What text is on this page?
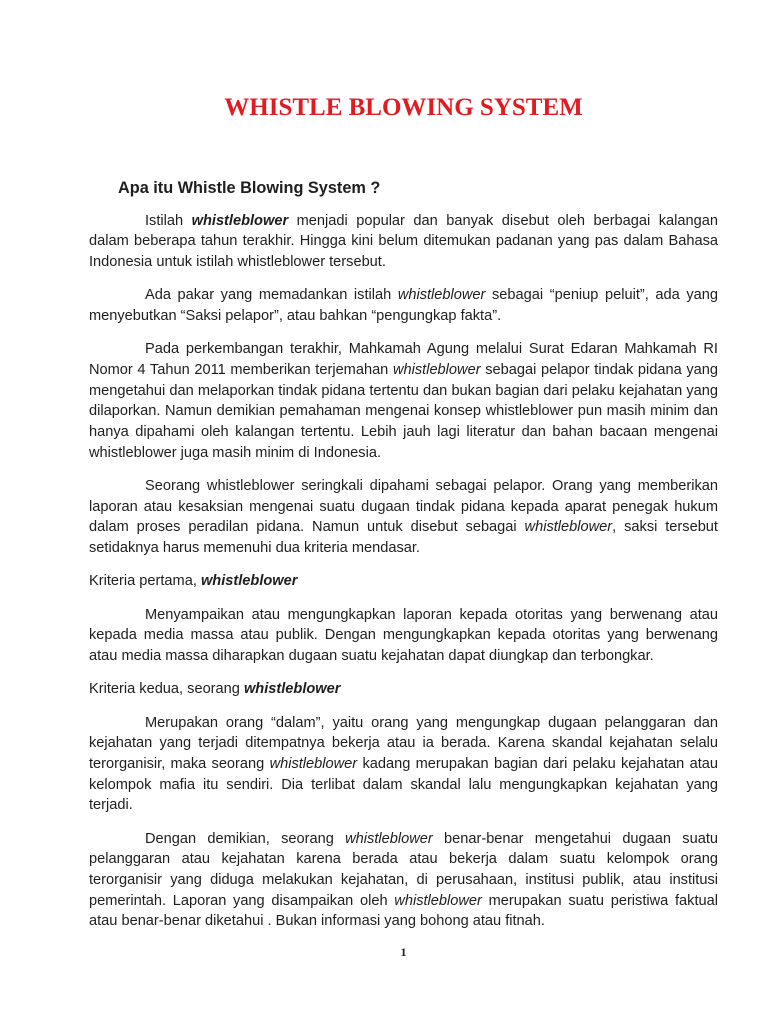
WHISTLE BLOWING SYSTEM
Apa itu Whistle Blowing System ?

Istilah whistleblower menjadi popular dan banyak disebut oleh berbagai kalangan dalam beberapa tahun terakhir. Hingga kini belum ditemukan padanan yang pas dalam Bahasa Indonesia untuk istilah whistleblower tersebut.

Ada pakar yang memadankan istilah whistleblower sebagai “peniup peluit”, ada yang menyebutkan “Saksi pelapor”, atau bahkan “pengungkap fakta”.

Pada perkembangan terakhir, Mahkamah Agung melalui Surat Edaran Mahkamah RI Nomor 4 Tahun 2011 memberikan terjemahan whistleblower sebagai pelapor tindak pidana yang mengetahui dan melaporkan tindak pidana tertentu dan bukan bagian dari pelaku kejahatan yang dilaporkan. Namun demikian pemahaman mengenai konsep whistleblower pun masih minim dan hanya dipahami oleh kalangan tertentu. Lebih jauh lagi literatur dan bahan bacaan mengenai whistleblower juga masih minim di Indonesia.

Seorang whistleblower seringkali dipahami sebagai pelapor. Orang yang memberikan laporan atau kesaksian mengenai suatu dugaan tindak pidana kepada aparat penegak hukum dalam proses peradilan pidana. Namun untuk disebut sebagai whistleblower, saksi tersebut setidaknya harus memenuhi dua kriteria mendasar.

Kriteria pertama, whistleblower

Menyampaikan atau mengungkapkan laporan kepada otoritas yang berwenang atau kepada media massa atau publik. Dengan mengungkapkan kepada otoritas yang berwenang atau media massa diharapkan dugaan suatu kejahatan dapat diungkap dan terbongkar.

Kriteria kedua, seorang whistleblower

Merupakan orang “dalam”, yaitu orang yang mengungkap dugaan pelanggaran dan kejahatan yang terjadi ditempatnya bekerja atau ia berada. Karena skandal kejahatan selalu terorganisir, maka seorang whistleblower kadang merupakan bagian dari pelaku kejahatan atau kelompok mafia itu sendiri. Dia terlibat dalam skandal lalu mengungkapkan kejahatan yang terjadi.

Dengan demikian, seorang whistleblower benar-benar mengetahui dugaan suatu pelanggaran atau kejahatan karena berada atau bekerja dalam suatu kelompok orang terorganisir yang diduga melakukan kejahatan, di perusahaan, institusi publik, atau institusi pemerintah. Laporan yang disampaikan oleh whistleblower merupakan suatu peristiwa faktual atau benar-benar diketahui . Bukan informasi yang bohong atau fitnah.

1
